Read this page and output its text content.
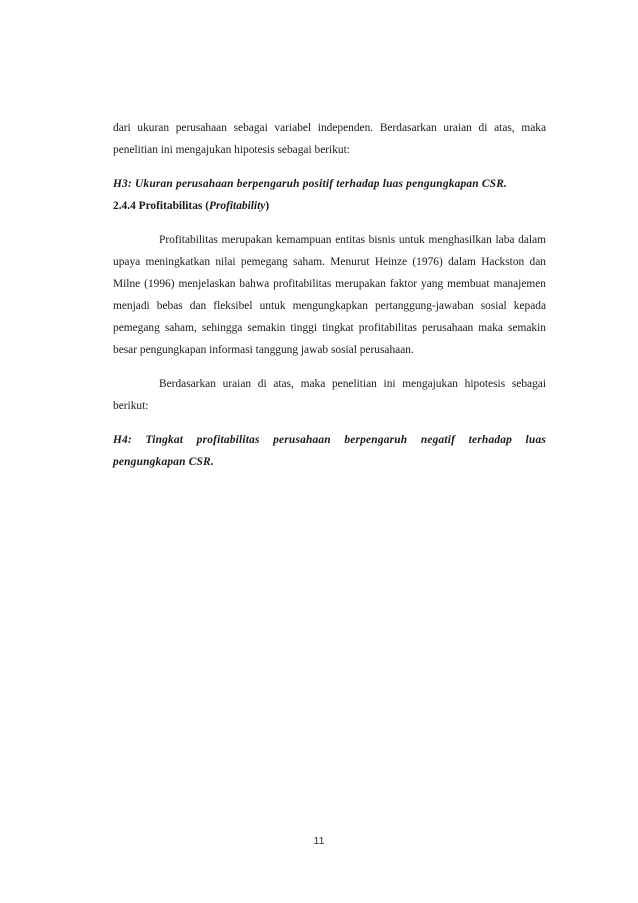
dari ukuran perusahaan sebagai variabel independen. Berdasarkan uraian di atas, maka penelitian ini mengajukan hipotesis sebagai berikut:

H3: Ukuran perusahaan berpengaruh positif terhadap luas pengungkapan CSR.

2.4.4 Profitabilitas (Profitability)

Profitabilitas merupakan kemampuan entitas bisnis untuk menghasilkan laba dalam upaya meningkatkan nilai pemegang saham. Menurut Heinze (1976) dalam Hackston dan Milne (1996) menjelaskan bahwa profitabilitas merupakan faktor yang membuat manajemen menjadi bebas dan fleksibel untuk mengungkapkan pertanggung-jawaban sosial kepada pemegang saham, sehingga semakin tinggi tingkat profitabilitas perusahaan maka semakin besar pengungkapan informasi tanggung jawab sosial perusahaan.

Berdasarkan uraian di atas, maka penelitian ini mengajukan hipotesis sebagai berikut:

H4: Tingkat profitabilitas perusahaan berpengaruh negatif terhadap luas pengungkapan CSR.

11
